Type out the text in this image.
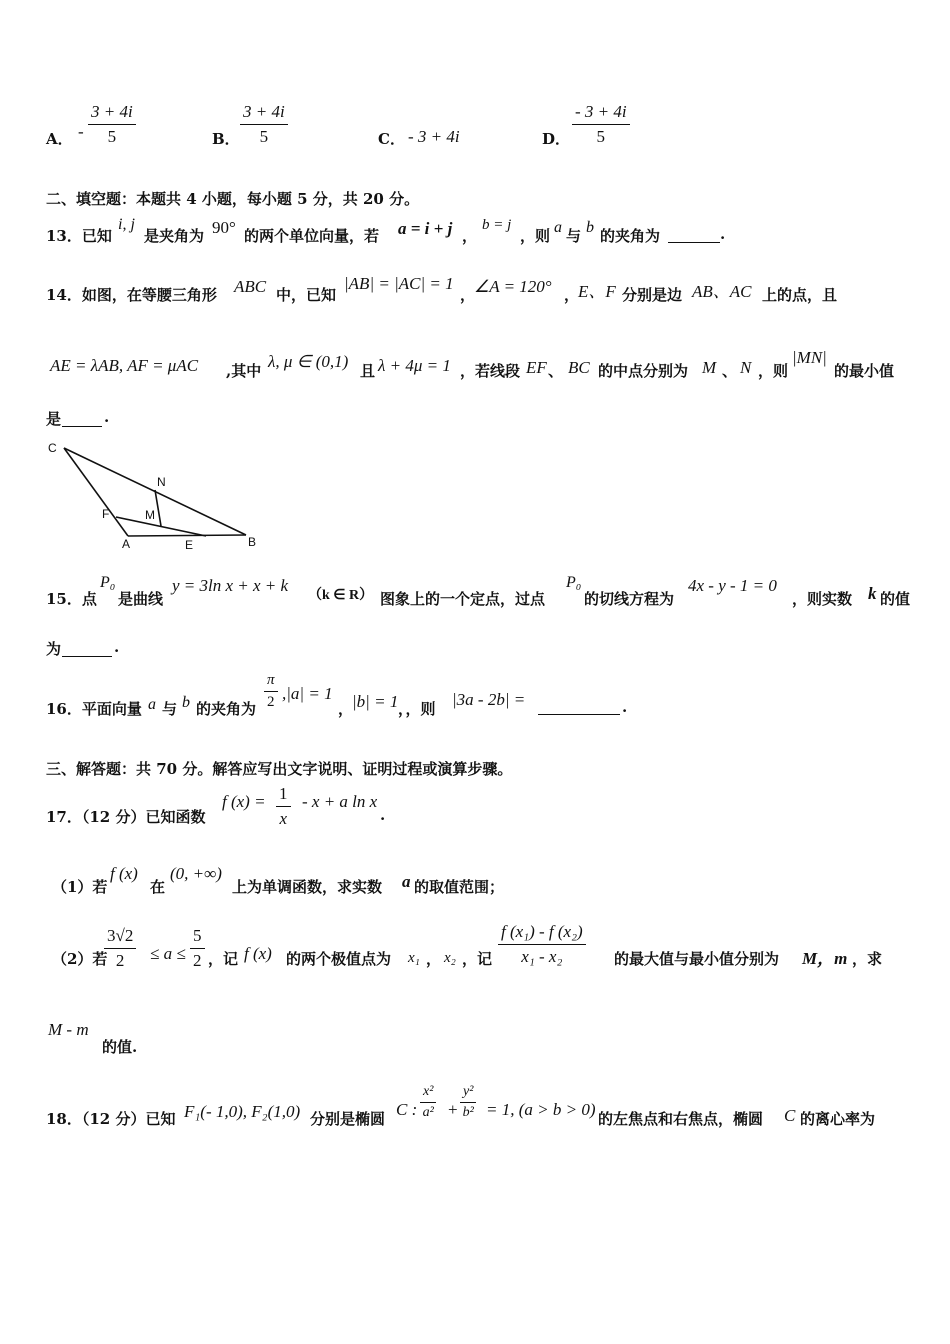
A． - $\frac{3 + 4i}{5}$	B． $\frac{3 + 4i}{5}$	C． - 3 + 4i	D． $\frac{- 3 + 4i}{5}$
二、填空题：本题共 4 小题，每小题 5 分，共 20 分。
13．已知
i, j
是夹角为 90° 的两个单位向量，若 a = i + j ，
b = j
，则 a 与 b 的夹角为	.
14．如图，在等腰三角形 ABC 中，已知
|AB| = |AC| = 1
，
∠A = 120° ，
E、F 分别是边 AB、AC 上的点，且
AE = λAB, AF = μAC ,其中 λ, μ ∈ (0,1) 且 λ + 4μ = 1 ，若线段 EF 、 BC 的中点分别为 M 、 N ，则
|MN|
的最小值
是	.
C
N
F	M
A	E	B
15．点
P₀
是曲线
y = 3ln x + x + k
（k ∈ R） 图象上的一个定点，过点
P₀
的切线方程为
4x - y - 1 = 0
，则实数 k 的值
为	.
16．平面向量 a 与 b 的夹角为 $\frac{\pi}{2} ,|a| = 1$
，
|b| = 1 ，，则 |3a - 2b| =	.
三、解答题：共 70 分。解答应写出文字说明、证明过程或演算步骤。
17．（12 分）已知函数
f $(x) = \frac{1}{x} - x + a$ ln x
.
（1）若
f (x)
在
(0, +∞)
上为单调函数，求实数 a 的取值范围；
（2）若
$\frac{3√2}{2} \le a \le \frac{5}{2}$ ，记 f (x) 的两个极值点为 x₁ ， x₂ ，记 $\frac{\text{f (x₁) - f (x₂)}}{\text{x₁ - x₂}}$ 的最大值与最小值分别为 M，m ，求
M - m
的值.
18．（12 分）已知 F₁(- 1,0), F₂(1,0) 分别是椭圆 C : $\frac{\text{x²}}{\text{a²}} + \frac{\text{y²}}{\text{b²}} = 1$, (a > b > 0) 的左焦点和右焦点，椭圆 C 的离心率为
